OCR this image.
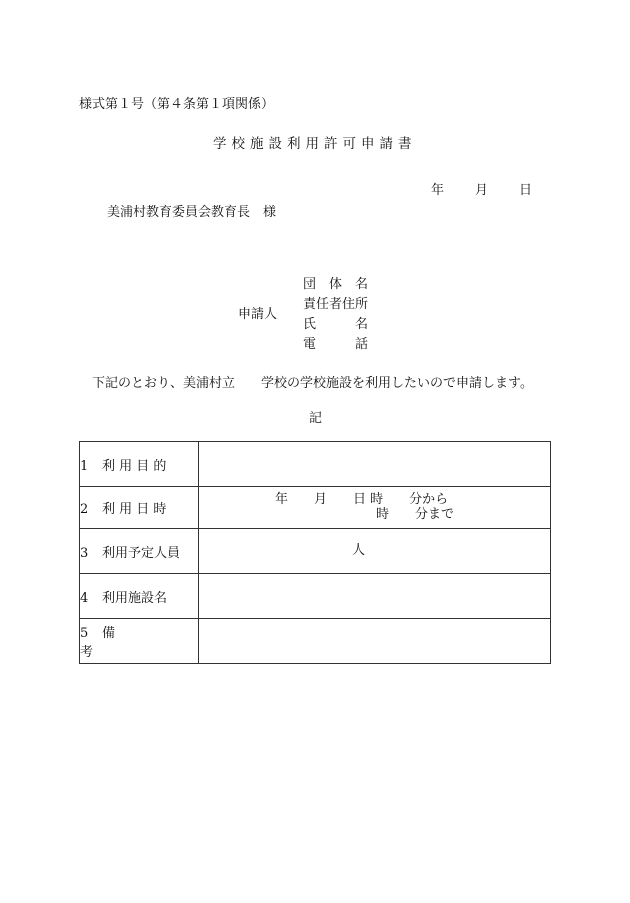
様式第１号（第４条第１項関係）
学校施設利用許可申請書
年 月 日
美浦村教育委員会教育長　様
申請人
団　体　名
責任者住所
氏　　　名
電　　　話
下記のとおり、美浦村立　　学校の学校施設を利用したいので申請します。
記
1 利 用 目 的	
2 利 用 日 時	年　　月　　日 時　　分から
時　　分まで

3 利用予定人員	人

4 利用施設名	
5 備考	
